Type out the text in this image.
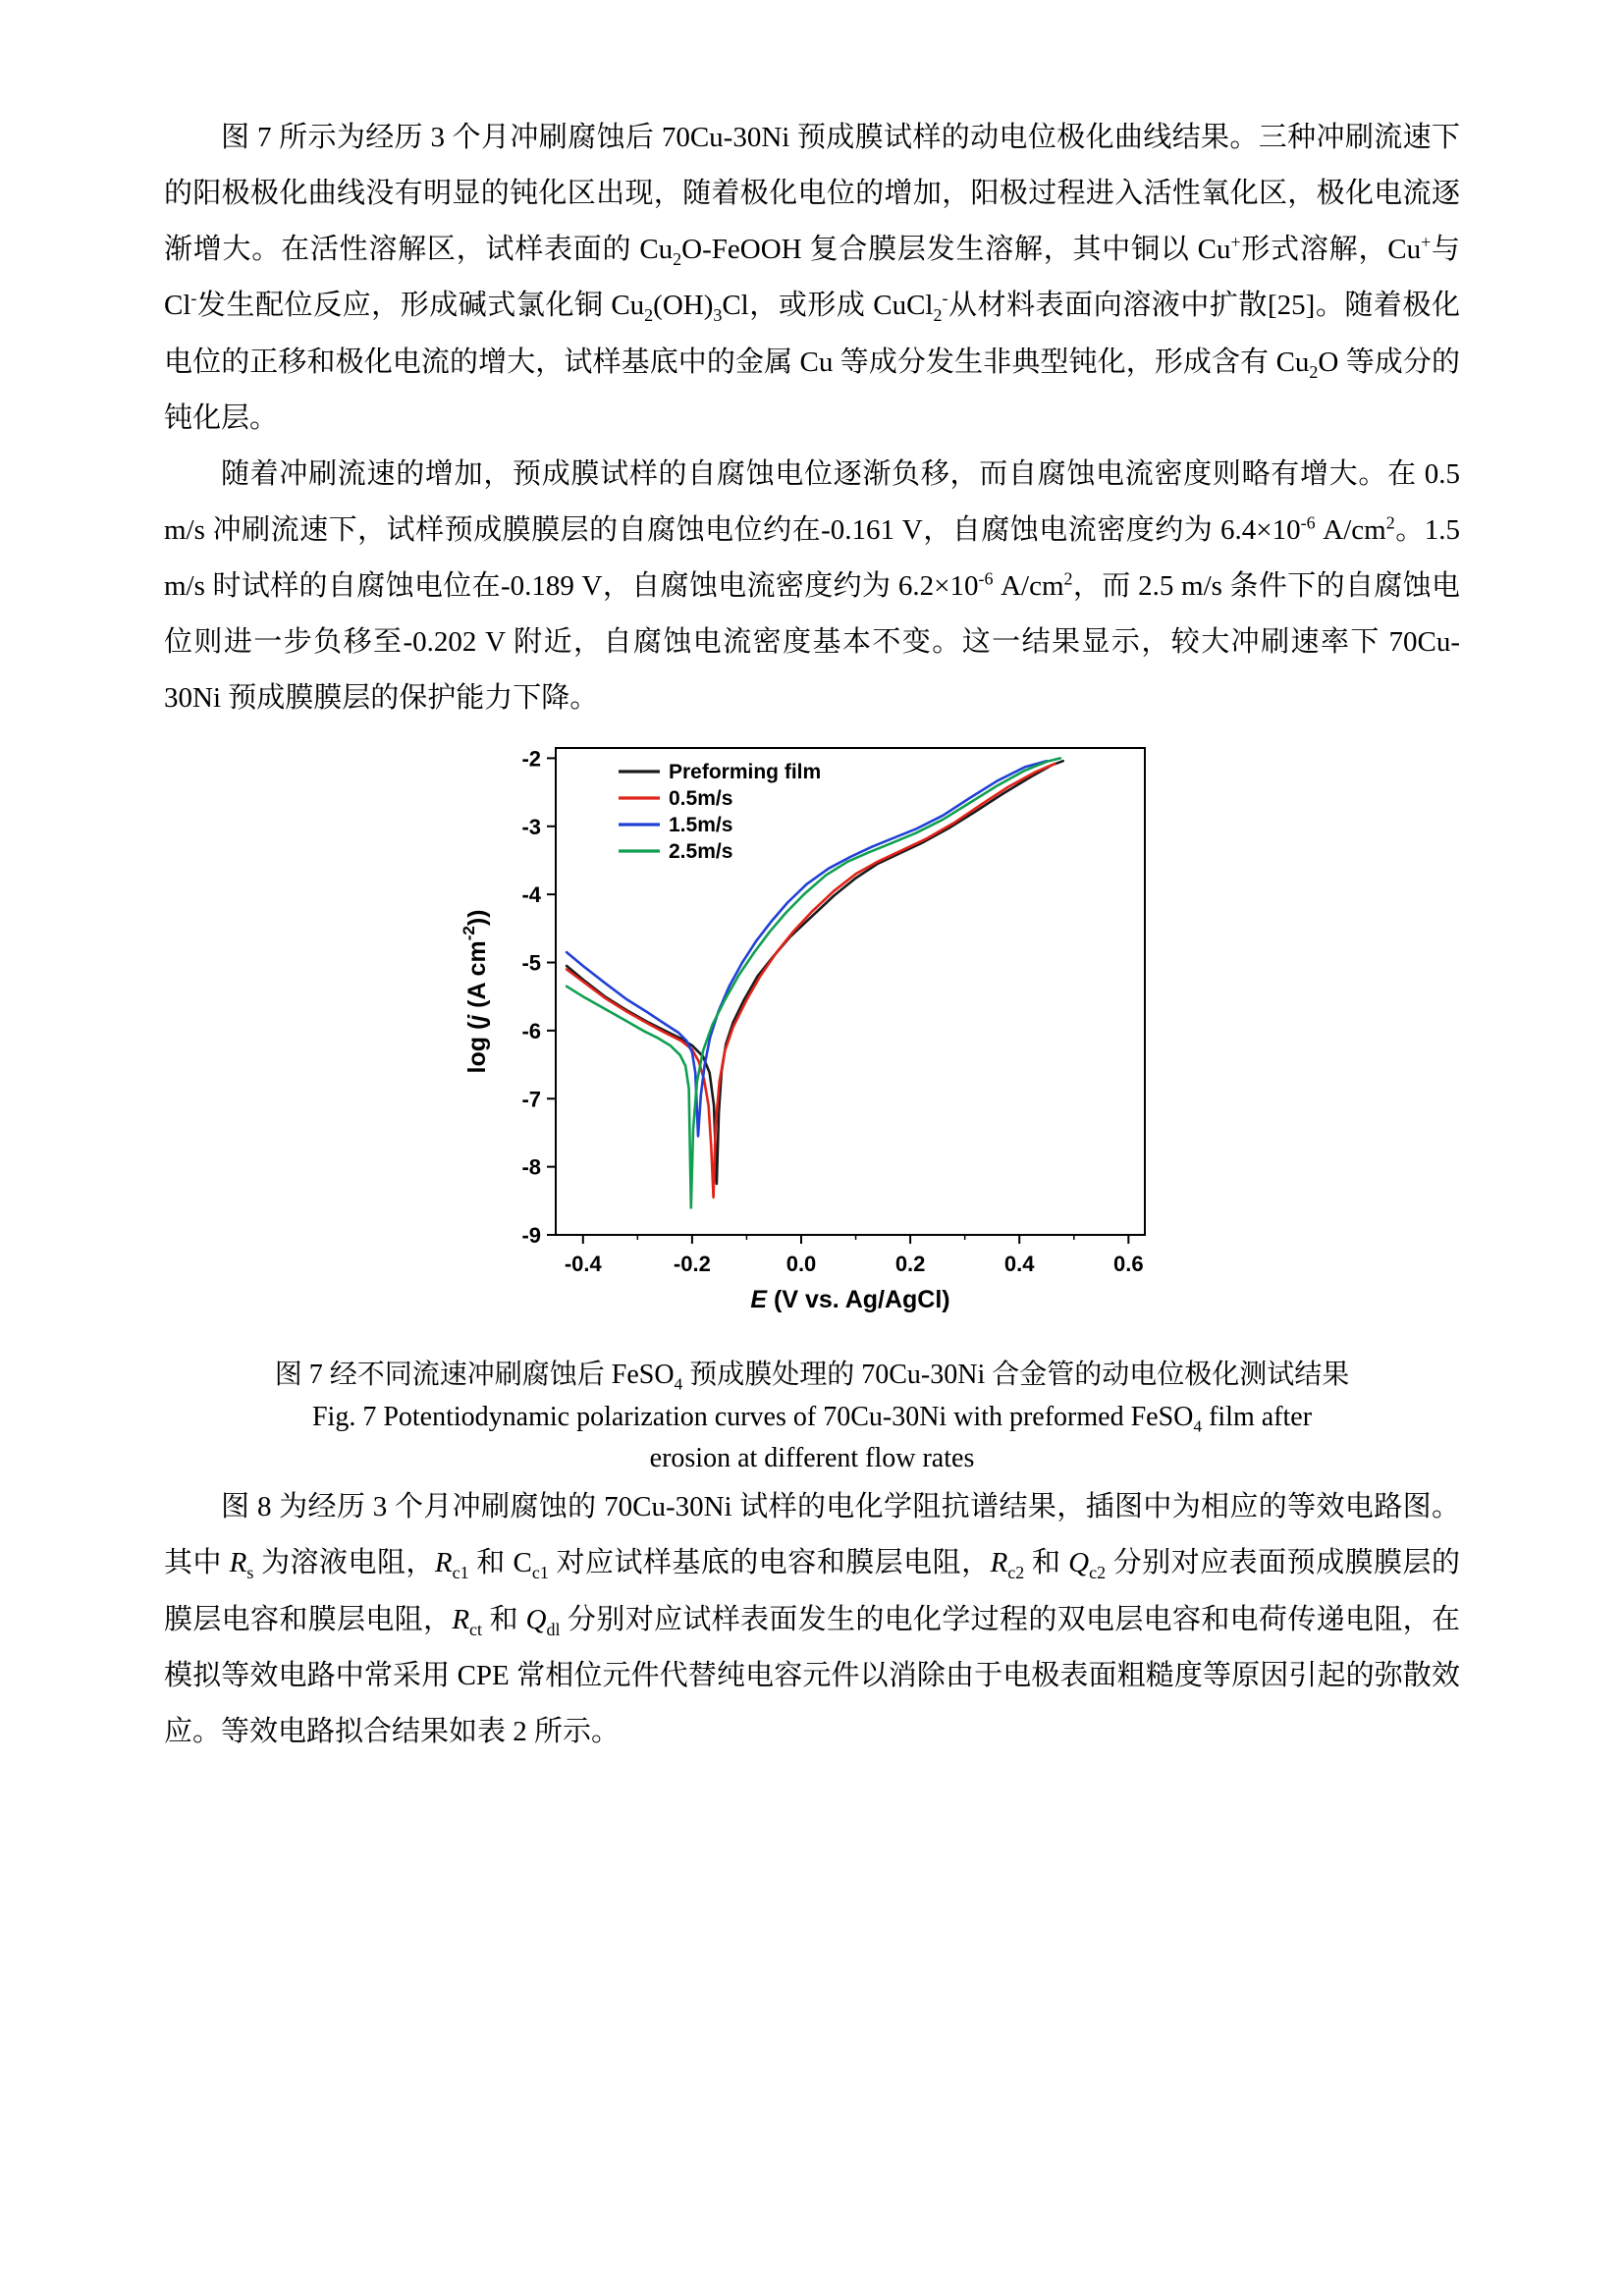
图 7 所示为经历 3 个月冲刷腐蚀后 70Cu-30Ni 预成膜试样的动电位极化曲线结果。三种冲刷流速下的阳极极化曲线没有明显的钝化区出现，随着极化电位的增加，阳极过程进入活性氧化区，极化电流逐渐增大。在活性溶解区，试样表面的 $Cu_2O$-FeOOH 复合膜层发生溶解，其中铜以 Cu+形式溶解，Cu+与 Cl-发生配位反应，形成碱式氯化铜 $Cu_2(OH)_3Cl$，或形成 CuCl$_2$-从材料表面向溶液中扩散[25]。随着极化电位的正移和极化电流的增大，试样基底中的金属 Cu 等成分发生非典型钝化，形成含有 $Cu_2O$ 等成分的钝化层。

随着冲刷流速的增加，预成膜试样的自腐蚀电位逐渐负移，而自腐蚀电流密度则略有增大。在 0.5 m/s 冲刷流速下，试样预成膜膜层的自腐蚀电位约在-0.161 V，自腐蚀电流密度约为 $6.4\times 10^{-6}$ $A/cm^2$。1.5 m/s 时试样的自腐蚀电位在-0.189 V，自腐蚀电流密度约为 $6.2\times 10^{-6}$ $A/cm^2$，而 2.5 m/s 条件下的自腐蚀电位则进一步负移至-0.202 V 附近，自腐蚀电流密度基本不变。这一结果显示，较大冲刷速率下 70Cu-30Ni 预成膜膜层的保护能力下降。

-0.4	-0.2	0.0	0.2	0.4	0.6
-9
-8
-7
-6
-5
-4
-3
-2
Preforming film
0.5m/s
1.5m/s
2.5m/s
E (V vs. Ag/AgCl)
log (j (A $cm^{-2}$))
图 7 经不同流速冲刷腐蚀后 FeSO$_4$ 预成膜处理的 70Cu-30Ni 合金管的动电位极化测试结果
Fig. 7 Potentiodynamic polarization curves of 70Cu-30Ni with preformed FeSO$_4$ film after
erosion at different flow rates

图 8 为经历 3 个月冲刷腐蚀的 70Cu-30Ni 试样的电化学阻抗谱结果，插图中为相应的等效电路图。其中 $R_s$ 为溶液电阻，$R_{c1}$ 和 $C_{c1}$ 对应试样基底的电容和膜层电阻，$R_{c2}$ 和 $Q_{c2}$ 分别对应表面预成膜膜层的膜层电容和膜层电阻，$R_{ct}$ 和 $Q_{dl}$ 分别对应试样表面发生的电化学过程的双电层电容和电荷传递电阻，在模拟等效电路中常采用 CPE 常相位元件代替纯电容元件以消除由于电极表面粗糙度等原因引起的弥散效应。等效电路拟合结果如表 2 所示。
